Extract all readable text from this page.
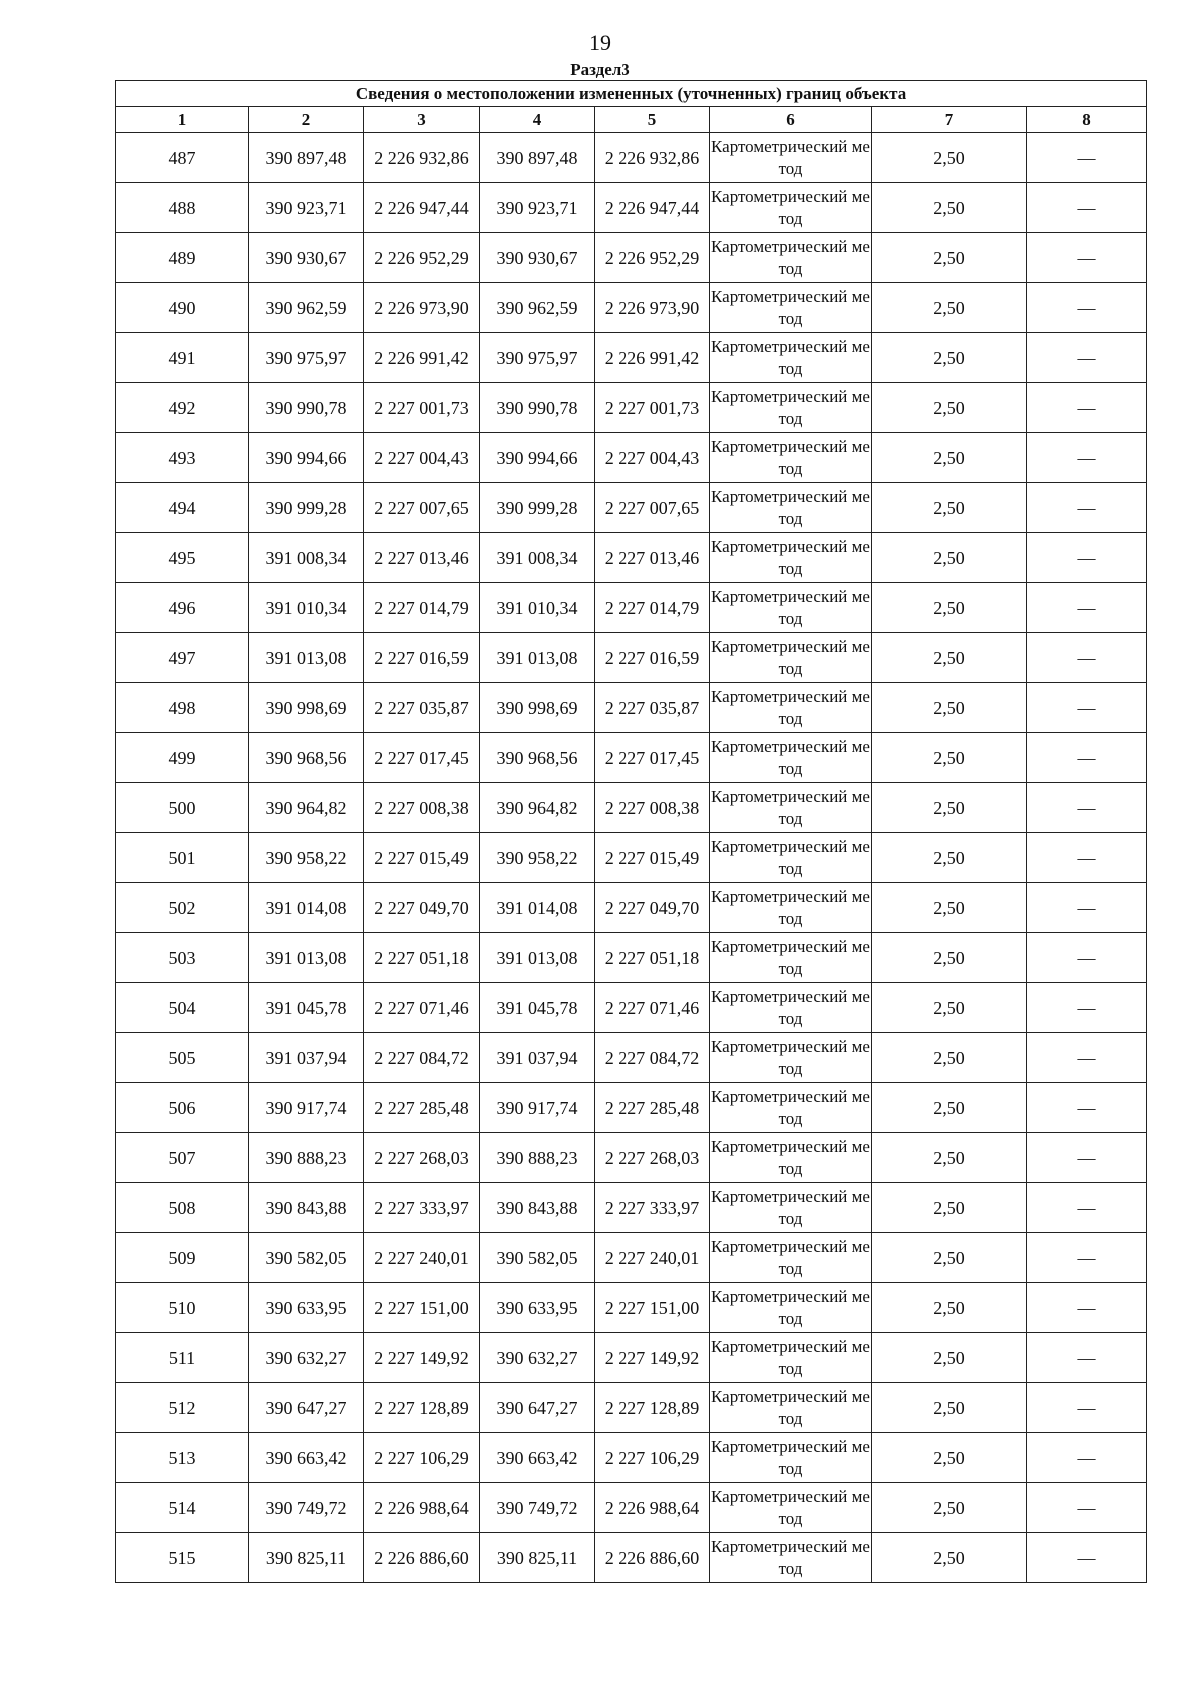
19
Раздел3
Сведения о местоположении измененных (уточненных) границ объекта							
1	2	3	4	5	6	7	8
487	390 897,48	2 226 932,86	390 897,48	2 226 932,86	Картометрический метод	2,50	—
488	390 923,71	2 226 947,44	390 923,71	2 226 947,44	Картометрический метод	2,50	—
489	390 930,67	2 226 952,29	390 930,67	2 226 952,29	Картометрический метод	2,50	—
490	390 962,59	2 226 973,90	390 962,59	2 226 973,90	Картометрический метод	2,50	—
491	390 975,97	2 226 991,42	390 975,97	2 226 991,42	Картометрический метод	2,50	—
492	390 990,78	2 227 001,73	390 990,78	2 227 001,73	Картометрический метод	2,50	—
493	390 994,66	2 227 004,43	390 994,66	2 227 004,43	Картометрический метод	2,50	—
494	390 999,28	2 227 007,65	390 999,28	2 227 007,65	Картометрический метод	2,50	—
495	391 008,34	2 227 013,46	391 008,34	2 227 013,46	Картометрический метод	2,50	—
496	391 010,34	2 227 014,79	391 010,34	2 227 014,79	Картометрический метод	2,50	—
497	391 013,08	2 227 016,59	391 013,08	2 227 016,59	Картометрический метод	2,50	—
498	390 998,69	2 227 035,87	390 998,69	2 227 035,87	Картометрический метод	2,50	—
499	390 968,56	2 227 017,45	390 968,56	2 227 017,45	Картометрический метод	2,50	—
500	390 964,82	2 227 008,38	390 964,82	2 227 008,38	Картометрический метод	2,50	—
501	390 958,22	2 227 015,49	390 958,22	2 227 015,49	Картометрический метод	2,50	—
502	391 014,08	2 227 049,70	391 014,08	2 227 049,70	Картометрический метод	2,50	—
503	391 013,08	2 227 051,18	391 013,08	2 227 051,18	Картометрический метод	2,50	—
504	391 045,78	2 227 071,46	391 045,78	2 227 071,46	Картометрический метод	2,50	—
505	391 037,94	2 227 084,72	391 037,94	2 227 084,72	Картометрический метод	2,50	—
506	390 917,74	2 227 285,48	390 917,74	2 227 285,48	Картометрический метод	2,50	—
507	390 888,23	2 227 268,03	390 888,23	2 227 268,03	Картометрический метод	2,50	—
508	390 843,88	2 227 333,97	390 843,88	2 227 333,97	Картометрический метод	2,50	—
509	390 582,05	2 227 240,01	390 582,05	2 227 240,01	Картометрический метод	2,50	—
510	390 633,95	2 227 151,00	390 633,95	2 227 151,00	Картометрический метод	2,50	—
511	390 632,27	2 227 149,92	390 632,27	2 227 149,92	Картометрический метод	2,50	—
512	390 647,27	2 227 128,89	390 647,27	2 227 128,89	Картометрический метод	2,50	—
513	390 663,42	2 227 106,29	390 663,42	2 227 106,29	Картометрический метод	2,50	—
514	390 749,72	2 226 988,64	390 749,72	2 226 988,64	Картометрический метод	2,50	—
515	390 825,11	2 226 886,60	390 825,11	2 226 886,60	Картометрический метод	2,50	—
